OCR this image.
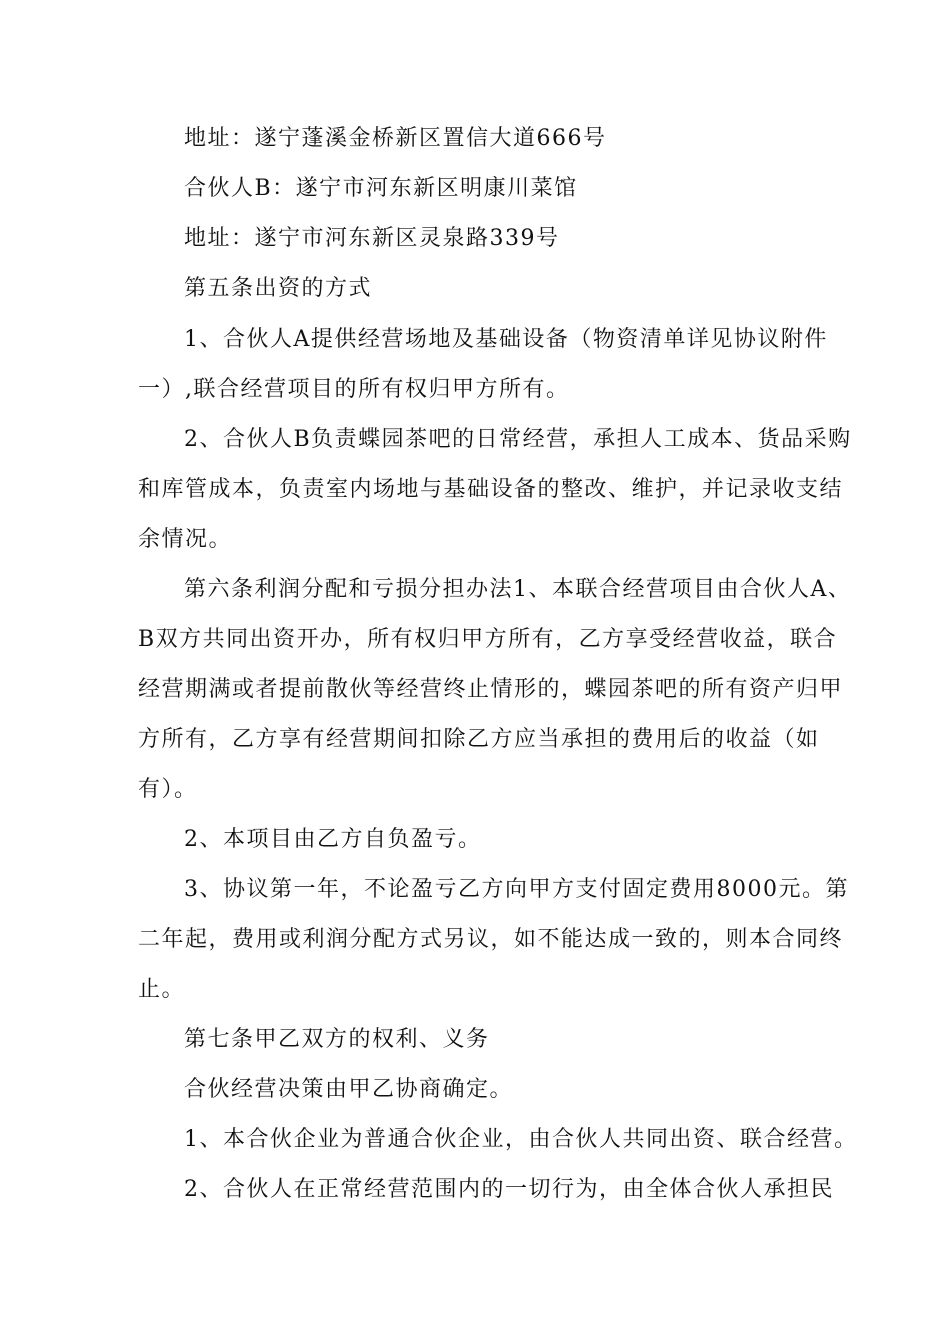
地址：遂宁蓬溪金桥新区置信大道666号
合伙人B：遂宁市河东新区明康川菜馆
地址：遂宁市河东新区灵泉路339号
第五条出资的方式
1、合伙人A提供经营场地及基础设备（物资清单详见协议附件
一）,联合经营项目的所有权归甲方所有。
2、合伙人B负责蝶园茶吧的日常经营，承担人工成本、货品采购
和库管成本，负责室内场地与基础设备的整改、维护，并记录收支结
余情况。
第六条利润分配和亏损分担办法1、本联合经营项目由合伙人A、
B双方共同出资开办，所有权归甲方所有，乙方享受经营收益，联合
经营期满或者提前散伙等经营终止情形的，蝶园茶吧的所有资产归甲
方所有，乙方享有经营期间扣除乙方应当承担的费用后的收益（如
有）。
2、本项目由乙方自负盈亏。
3、协议第一年，不论盈亏乙方向甲方支付固定费用8000元。第
二年起，费用或利润分配方式另议，如不能达成一致的，则本合同终
止。
第七条甲乙双方的权利、义务
合伙经营决策由甲乙协商确定。
1、本合伙企业为普通合伙企业，由合伙人共同出资、联合经营。
2、合伙人在正常经营范围内的一切行为，由全体合伙人承担民
